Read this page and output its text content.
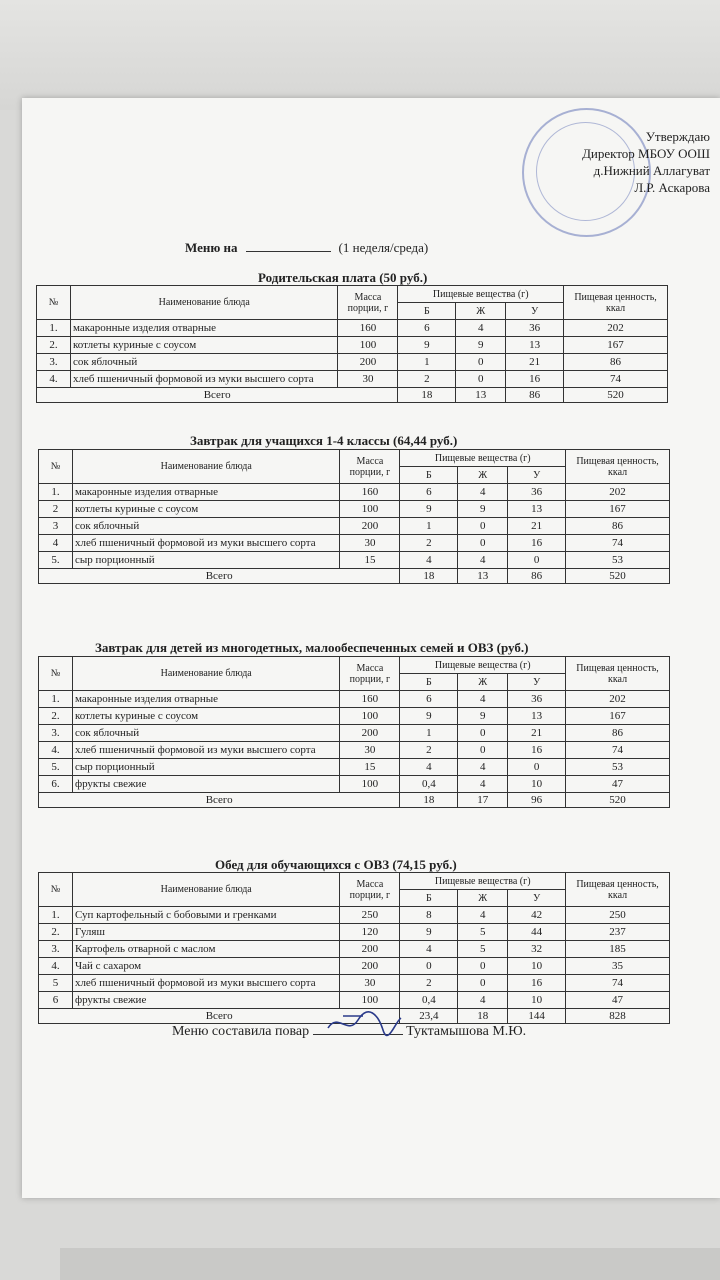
Утверждаю
Директор МБОУ ООШ
д.Нижний Аллагуват
Л.Р. Аскарова
Меню на	(1 неделя/среда)
Родительская плата (50 руб.)
№	Наименование блюда	Масса порции, г	Пищевые вещества (г)			Пищевая ценность, ккал
			Б	Ж	У	
1.	макаронные изделия отварные	160	6	4	36	202
2.	котлеты куриные с соусом	100	9	9	13	167
3.	сок яблочный	200	1	0	21	86
4.	хлеб пшеничный формовой из муки высшего сорта	30	2	0	16	74
Всего			18	13	86	520
Завтрак для учащихся 1-4 классы (64,44 руб.)
№	Наименование блюда	Масса порции, г	Пищевые вещества (г)			Пищевая ценность, ккал
			Б	Ж	У	
1.	макаронные изделия отварные	160	6	4	36	202
2	котлеты куриные с соусом	100	9	9	13	167
3	сок яблочный	200	1	0	21	86
4	хлеб пшеничный формовой из муки высшего сорта	30	2	0	16	74
5.	сыр порционный	15	4	4	0	53
Всего			18	13	86	520
Завтрак для детей из многодетных, малообеспеченных семей и ОВЗ (руб.)
№	Наименование блюда	Масса порции, г	Пищевые вещества (г)			Пищевая ценность, ккал
			Б	Ж	У	
1.	макаронные изделия отварные	160	6	4	36	202
2.	котлеты куриные с соусом	100	9	9	13	167
3.	сок яблочный	200	1	0	21	86
4.	хлеб пшеничный формовой из муки высшего сорта	30	2	0	16	74
5.	сыр порционный	15	4	4	0	53
6.	фрукты свежие	100	0,4	4	10	47
Всего			18	17	96	520
Обед для обучающихся с ОВЗ (74,15 руб.)
№	Наименование блюда	Масса порции, г	Пищевые вещества (г)			Пищевая ценность, ккал
			Б	Ж	У	
1.	Суп картофельный с бобовыми и гренками	250	8	4	42	250
2.	Гуляш	120	9	5	44	237
3.	Картофель отварной с маслом	200	4	5	32	185
4.	Чай с сахаром	200	0	0	10	35
5	хлеб пшеничный формовой из муки высшего сорта	30	2	0	16	74
6	фрукты свежие	100	0,4	4	10	47
Всего			23,4	18	144	828
Меню составила повар	Туктамышова М.Ю.
